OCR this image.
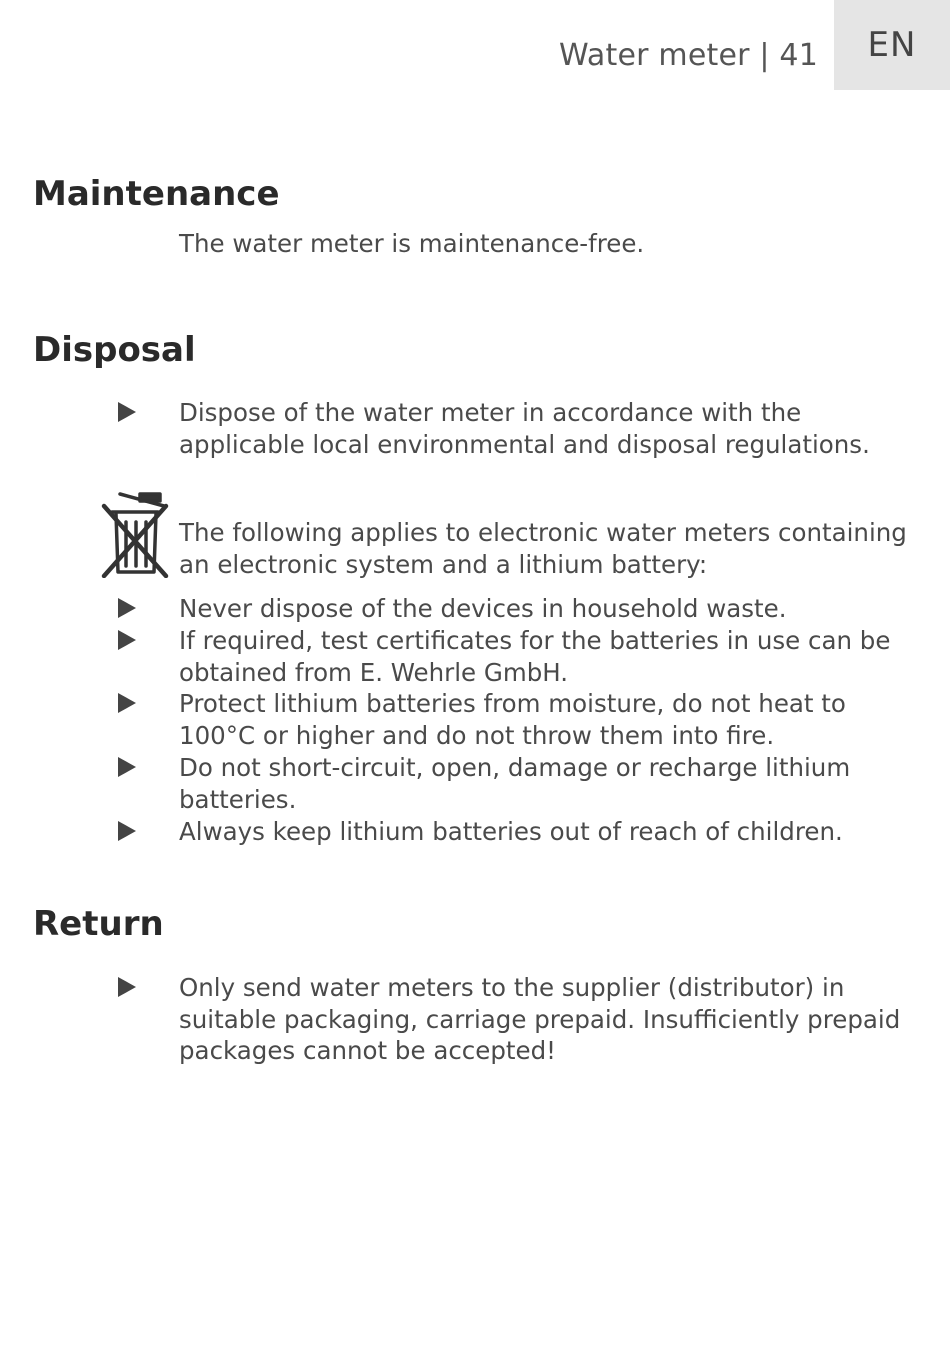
Water meter | 41 EN
Maintenance

The water meter is maintenance-free.

Disposal

Dispose of the water meter in accordance with the applicable local environmental and disposal regulations.

The following applies to electronic water meters containing an electronic system and a lithium battery:

Never dispose of the devices in household waste.

If required, test certificates for the batteries in use can be obtained from E. Wehrle GmbH.

Protect lithium batteries from moisture, do not heat to 100°C or higher and do not throw them into fire.

Do not short-circuit, open, damage or recharge lithium batteries.

Always keep lithium batteries out of reach of children.

Return

Only send water meters to the supplier (distributor) in suitable packaging, carriage prepaid. Insufficiently prepaid packages cannot be accepted!
